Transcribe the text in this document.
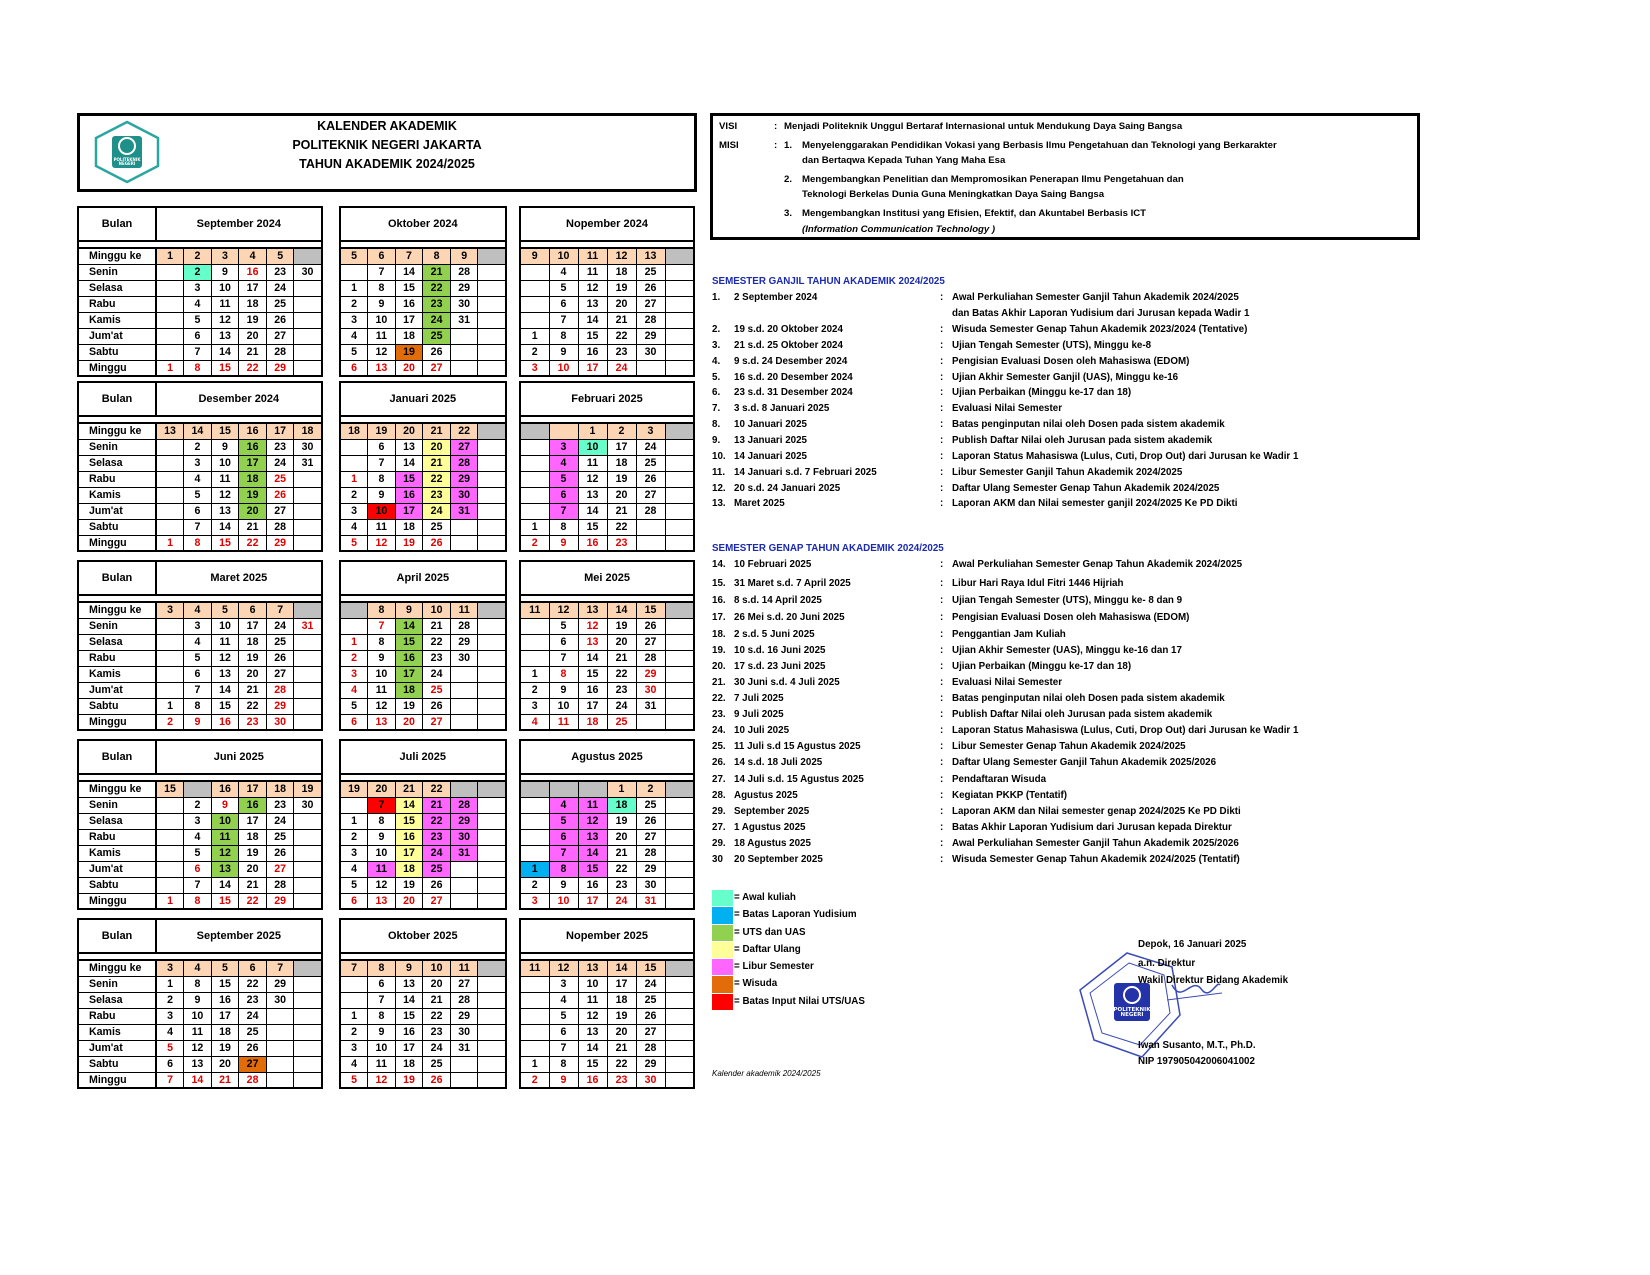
POLITEKNIK
NEGERI
KALENDER AKADEMIK
POLITEKNIK NEGERI JAKARTA
TAHUN AKADEMIK 2024/2025
VISI	: Menjadi Politeknik Unggul Bertaraf Internasional untuk Mendukung Daya Saing Bangsa
MISI	: 1. Menyelenggarakan Pendidikan Vokasi yang Berbasis Ilmu Pengetahuan dan Teknologi yang Berkarakter
dan Bertaqwa Kepada Tuhan Yang Maha Esa
2. Mengembangkan Penelitian dan Mempromosikan Penerapan Ilmu Pengetahuan dan
Teknologi Berkelas Dunia Guna Meningkatkan Daya Saing Bangsa
3. Mengembangkan Institusi yang Efisien, Efektif, dan Akuntabel Berbasis ICT
(Information Communication Technology )
Bulan	September 2024					

Minggu ke	1	2	3	4	5	
Senin		2	9	16	23	30
Selasa		3	10	17	24	
Rabu		4	11	18	25	
Kamis		5	12	19	26	
Jum'at		6	13	20	27	
Sabtu		7	14	21	28	
Minggu	1	8	15	22	29	
Oktober 2024					

5	6	7	8	9	
	7	14	21	28	
1	8	15	22	29	
2	9	16	23	30	
3	10	17	24	31	
4	11	18	25		
5	12	19	26		
6	13	20	27		
Nopember 2024					

9	10	11	12	13	
	4	11	18	25	
	5	12	19	26	
	6	13	20	27	
	7	14	21	28	
1	8	15	22	29	
2	9	16	23	30	
3	10	17	24		
Bulan	Desember 2024					

Minggu ke	13	14	15	16	17	18
Senin		2	9	16	23	30
Selasa		3	10	17	24	31
Rabu		4	11	18	25	
Kamis		5	12	19	26	
Jum'at		6	13	20	27	
Sabtu		7	14	21	28	
Minggu	1	8	15	22	29	
Januari 2025					

18	19	20	21	22	
	6	13	20	27	
	7	14	21	28	
1	8	15	22	29	
2	9	16	23	30	
3	10	17	24	31	
4	11	18	25		
5	12	19	26		
Februari 2025					

		1	2	3	
	3	10	17	24	
	4	11	18	25	
	5	12	19	26	
	6	13	20	27	
	7	14	21	28	
1	8	15	22		
2	9	16	23		
Bulan	Maret 2025					

Minggu ke	3	4	5	6	7	
Senin		3	10	17	24	31
Selasa		4	11	18	25	
Rabu		5	12	19	26	
Kamis		6	13	20	27	
Jum'at		7	14	21	28	
Sabtu	1	8	15	22	29	
Minggu	2	9	16	23	30	
April 2025					

	8	9	10	11	
	7	14	21	28	
1	8	15	22	29	
2	9	16	23	30	
3	10	17	24		
4	11	18	25		
5	12	19	26		
6	13	20	27		
Mei 2025					

11	12	13	14	15	
	5	12	19	26	
	6	13	20	27	
	7	14	21	28	
1	8	15	22	29	
2	9	16	23	30	
3	10	17	24	31	
4	11	18	25		
Bulan	Juni 2025					

Minggu ke	15		16	17	18	19
Senin		2	9	16	23	30
Selasa		3	10	17	24	
Rabu		4	11	18	25	
Kamis		5	12	19	26	
Jum'at		6	13	20	27	
Sabtu		7	14	21	28	
Minggu	1	8	15	22	29	
Juli 2025					

19	20	21	22		
	7	14	21	28	
1	8	15	22	29	
2	9	16	23	30	
3	10	17	24	31	
4	11	18	25		
5	12	19	26		
6	13	20	27		
Agustus 2025					

			1	2	
	4	11	18	25	
	5	12	19	26	
	6	13	20	27	
	7	14	21	28	
1	8	15	22	29	
2	9	16	23	30	
3	10	17	24	31	
Bulan	September 2025					

Minggu ke	3	4	5	6	7	
Senin	1	8	15	22	29	
Selasa	2	9	16	23	30	
Rabu	3	10	17	24		
Kamis	4	11	18	25		
Jum'at	5	12	19	26		
Sabtu	6	13	20	27		
Minggu	7	14	21	28		
Oktober 2025					

7	8	9	10	11	
	6	13	20	27	
	7	14	21	28	
1	8	15	22	29	
2	9	16	23	30	
3	10	17	24	31	
4	11	18	25		
5	12	19	26		
Nopember 2025					

11	12	13	14	15	
	3	10	17	24	
	4	11	18	25	
	5	12	19	26	
	6	13	20	27	
	7	14	21	28	
1	8	15	22	29	
2	9	16	23	30	
SEMESTER GANJIL TAHUN AKADEMIK 2024/2025
1. 2 September 2024	: Awal Perkuliahan Semester Ganjil Tahun Akademik 2024/2025
dan Batas Akhir Laporan Yudisium dari Jurusan kepada Wadir 1
2. 19 s.d. 20 Oktober 2024	: Wisuda Semester Genap Tahun Akademik 2023/2024 (Tentative)
3. 21 s.d. 25 Oktober 2024	: Ujian Tengah Semester (UTS), Minggu ke-8
4. 9 s.d. 24 Desember 2024	: Pengisian Evaluasi Dosen oleh Mahasiswa (EDOM)
5. 16 s.d. 20 Desember 2024	: Ujian Akhir Semester Ganjil (UAS), Minggu ke-16
6. 23 s.d. 31 Desember 2024	: Ujian Perbaikan (Minggu ke-17 dan 18)
7. 3 s.d. 8 Januari 2025	: Evaluasi Nilai Semester
8. 10 Januari 2025	: Batas penginputan nilai oleh Dosen pada sistem akademik
9. 13 Januari 2025	: Publish Daftar Nilai oleh Jurusan pada sistem akademik
10. 14 Januari 2025	: Laporan Status Mahasiswa (Lulus, Cuti, Drop Out) dari Jurusan ke Wadir 1
11. 14 Januari s.d. 7 Februari 2025	: Libur Semester Ganjil Tahun Akademik 2024/2025
12. 20 s.d. 24 Januari 2025	: Daftar Ulang Semester Genap Tahun Akademik 2024/2025
13. Maret 2025	: Laporan AKM dan Nilai semester ganjil 2024/2025 Ke PD Dikti
SEMESTER GENAP TAHUN AKADEMIK 2024/2025
14. 10 Februari 2025	: Awal Perkuliahan Semester Genap Tahun Akademik 2024/2025
15. 31 Maret s.d. 7 April 2025	: Libur Hari Raya Idul Fitri 1446 Hijriah
16. 8 s.d. 14 April 2025	: Ujian Tengah Semester (UTS), Minggu ke- 8 dan 9
17. 26 Mei s.d. 20 Juni 2025	: Pengisian Evaluasi Dosen oleh Mahasiswa (EDOM)
18. 2 s.d. 5 Juni 2025	: Penggantian Jam Kuliah
19. 10 s.d. 16 Juni 2025	: Ujian Akhir Semester (UAS), Minggu ke-16 dan 17
20. 17 s.d. 23 Juni 2025	: Ujian Perbaikan (Minggu ke-17 dan 18)
21. 30 Juni s.d. 4 Juli 2025	: Evaluasi Nilai Semester
22. 7 Juli 2025	: Batas penginputan nilai oleh Dosen pada sistem akademik
23. 9 Juli 2025	: Publish Daftar Nilai oleh Jurusan pada sistem akademik
24. 10 Juli 2025	: Laporan Status Mahasiswa (Lulus, Cuti, Drop Out) dari Jurusan ke Wadir 1
25. 11 Juli s.d 15 Agustus 2025	: Libur Semester Genap Tahun Akademik 2024/2025
26. 14 s.d. 18 Juli 2025	: Daftar Ulang Semester Ganjil Tahun Akademik 2025/2026
27. 14 Juli s.d. 15 Agustus 2025	: Pendaftaran Wisuda
28. Agustus 2025	: Kegiatan PKKP (Tentatif)
29. September 2025	: Laporan AKM dan Nilai semester genap 2024/2025 Ke PD Dikti
27. 1 Agustus 2025	: Batas Akhir Laporan Yudisium dari Jurusan kepada Direktur
29. 18 Agustus 2025	: Awal Perkuliahan Semester Ganjil Tahun Akademik 2025/2026
30 20 September 2025	: Wisuda Semester Genap Tahun Akademik 2024/2025 (Tentatif)
= Awal kuliah
= Batas Laporan Yudisium
= UTS dan UAS
= Daftar Ulang
= Libur Semester
= Wisuda
= Batas Input Nilai UTS/UAS
Kalender akademik 2024/2025
POLITEKNIK
NEGERI
Depok, 16 Januari 2025
a.n. Direktur
Wakil Direktur Bidang Akademik
Iwan Susanto, M.T., Ph.D.
NIP 197905042006041002
